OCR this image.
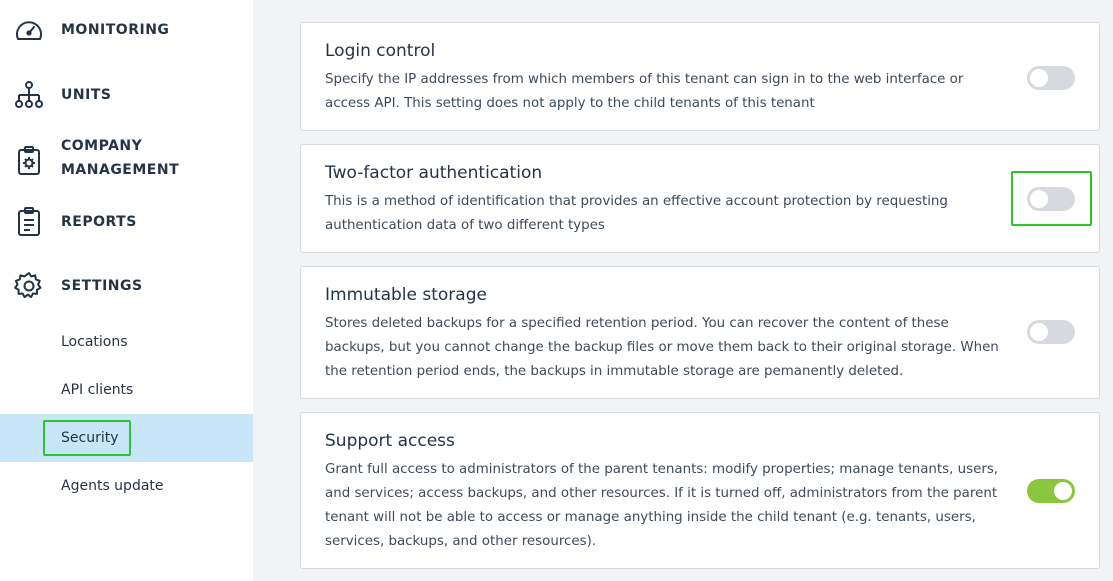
MONITORING
UNITS
COMPANY
MANAGEMENT
REPORTS
SETTINGS
Locations
API clients
Security
Agents update
Login control
Specify the IP addresses from which members of this tenant can sign in to the web interface or access API. This setting does not apply to the child tenants of this tenant
Two-factor authentication
This is a method of identification that provides an effective account protection by requesting authentication data of two different types
Immutable storage
Stores deleted backups for a specified retention period. You can recover the content of these backups, but you cannot change the backup files or move them back to their original storage. When the retention period ends, the backups in immutable storage are pemanently deleted.
Support access
Grant full access to administrators of the parent tenants: modify properties; manage tenants, users, and services; access backups, and other resources. If it is turned off, administrators from the parent tenant will not be able to access or manage anything inside the child tenant (e.g. tenants, users, services, backups, and other resources).
